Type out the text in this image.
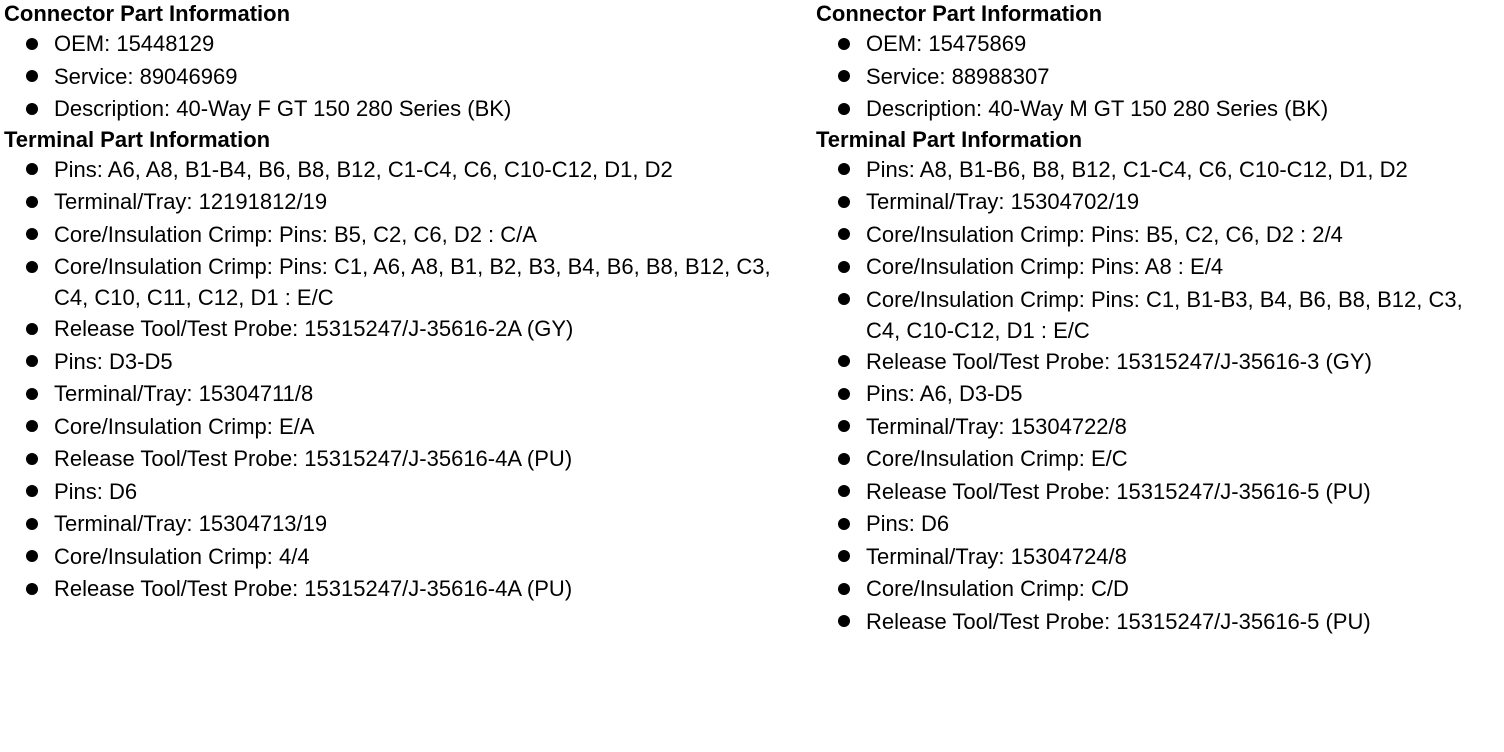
Connector Part Information
OEM: 15448129
Service: 89046969
Description: 40-Way F GT 150 280 Series (BK)
Terminal Part Information
Pins: A6, A8, B1-B4, B6, B8, B12, C1-C4, C6, C10-C12, D1, D2
Terminal/Tray: 12191812/19
Core/Insulation Crimp: Pins: B5, C2, C6, D2 : C/A
Core/Insulation Crimp: Pins: C1, A6, A8, B1, B2, B3, B4, B6, B8, B12, C3, C4, C10, C11, C12, D1 : E/C
Release Tool/Test Probe: 15315247/J-35616-2A (GY)
Pins: D3-D5
Terminal/Tray: 15304711/8
Core/Insulation Crimp: E/A
Release Tool/Test Probe: 15315247/J-35616-4A (PU)
Pins: D6
Terminal/Tray: 15304713/19
Core/Insulation Crimp: 4/4
Release Tool/Test Probe: 15315247/J-35616-4A (PU)
Connector Part Information
OEM: 15475869
Service: 88988307
Description: 40-Way M GT 150 280 Series (BK)
Terminal Part Information
Pins: A8, B1-B6, B8, B12, C1-C4, C6, C10-C12, D1, D2
Terminal/Tray: 15304702/19
Core/Insulation Crimp: Pins: B5, C2, C6, D2 : 2/4
Core/Insulation Crimp: Pins: A8 : E/4
Core/Insulation Crimp: Pins: C1, B1-B3, B4, B6, B8, B12, C3, C4, C10-C12, D1 : E/C
Release Tool/Test Probe: 15315247/J-35616-3 (GY)
Pins: A6, D3-D5
Terminal/Tray: 15304722/8
Core/Insulation Crimp: E/C
Release Tool/Test Probe: 15315247/J-35616-5 (PU)
Pins: D6
Terminal/Tray: 15304724/8
Core/Insulation Crimp: C/D
Release Tool/Test Probe: 15315247/J-35616-5 (PU)
